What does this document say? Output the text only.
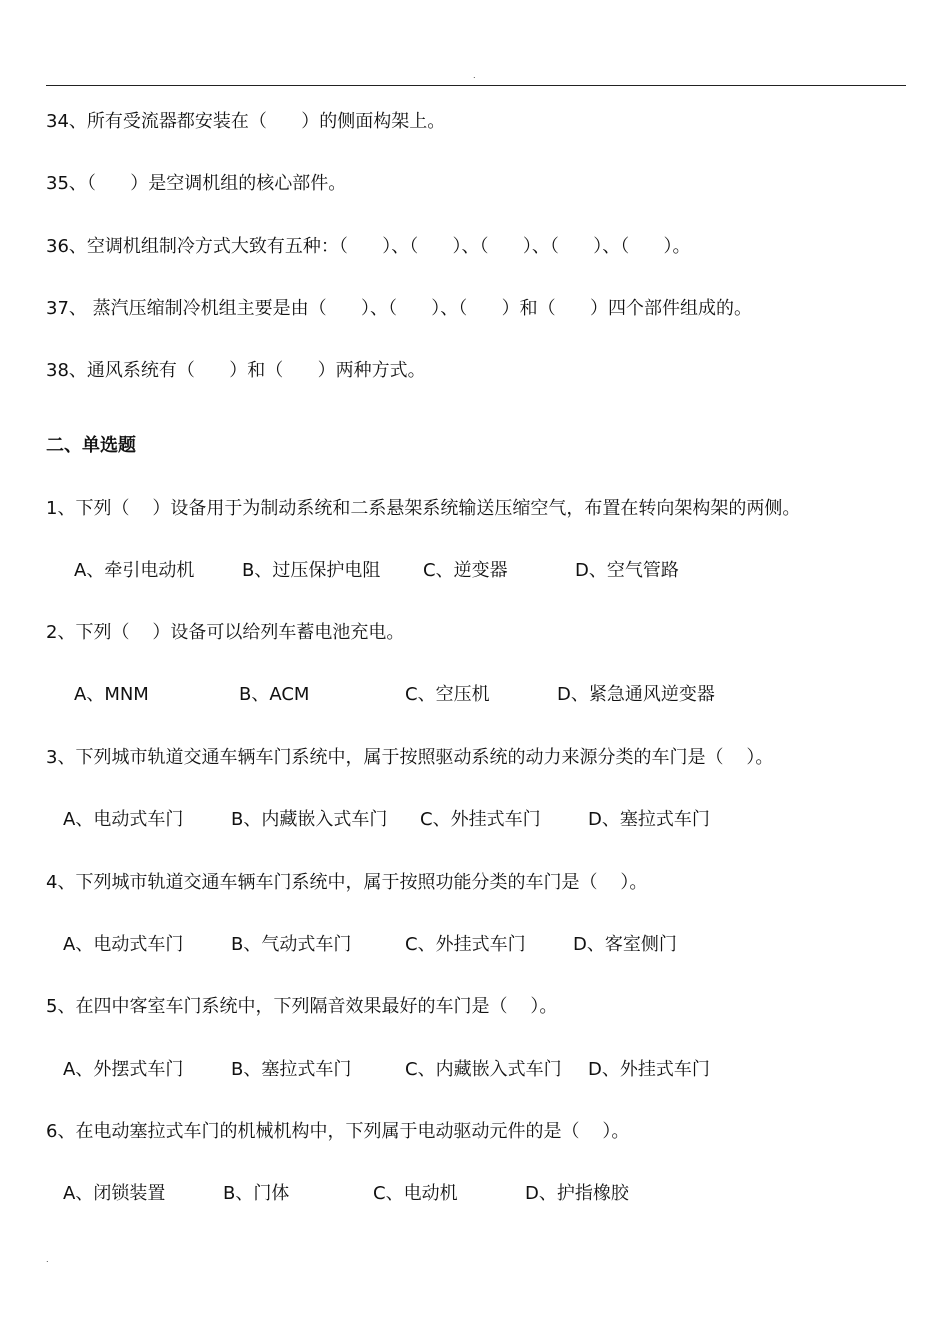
.
34、所有受流器都安装在（      ）的侧面构架上。
35、（      ）是空调机组的核心部件。
36、空调机组制冷方式大致有五种：（      ）、（      ）、（      ）、（      ）、（      ）。
37、 蒸汽压缩制冷机组主要是由（      ）、（      ）、（      ）和（      ）四个部件组成的。
38、通风系统有（      ）和（      ）两种方式。
二、单选题
1、下列（    ）设备用于为制动系统和二系悬架系统输送压缩空气，布置在转向架构架的两侧。
A、牵引电动机	B、过压保护电阻 C、逆变器	D、空气管路
2、下列（    ）设备可以给列车蓄电池充电。
A、MNM	B、ACM	C、空压机	D、紧急通风逆变器
3、下列城市轨道交通车辆车门系统中，属于按照驱动系统的动力来源分类的车门是（    ）。
A、电动式车门	B、内藏嵌入式车门 C、外挂式车门	D、塞拉式车门
4、下列城市轨道交通车辆车门系统中，属于按照功能分类的车门是（    ）。
A、电动式车门	B、气动式车门	C、外挂式车门	D、客室侧门
5、在四中客室车门系统中，下列隔音效果最好的车门是（    ）。
A、外摆式车门	B、塞拉式车门	C、内藏嵌入式车门 D、外挂式车门
6、在电动塞拉式车门的机械机构中，下列属于电动驱动元件的是（    ）。
A、闭锁装置	B、门体	C、电动机	D、护指橡胶
.
